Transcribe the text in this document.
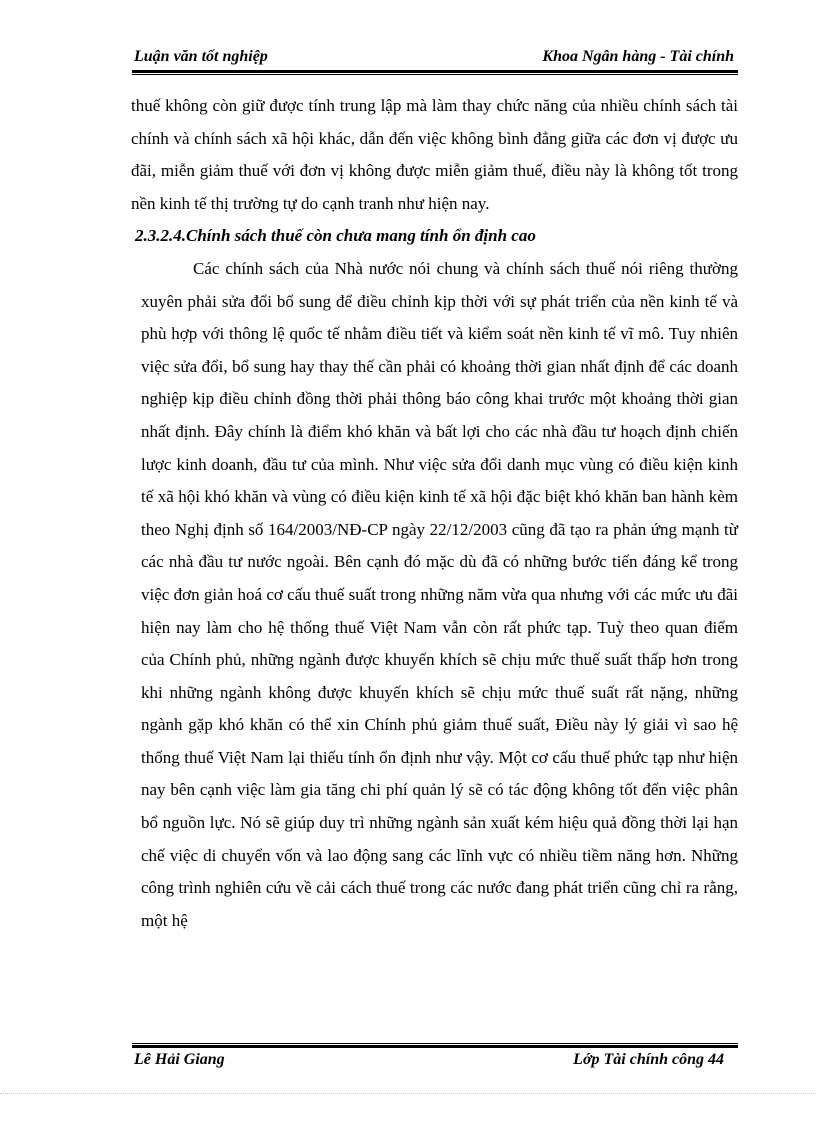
Luận văn tốt nghiệp	Khoa Ngân hàng - Tài chính

thuế không còn giữ được tính trung lập mà làm thay chức năng của nhiều chính sách tài chính và chính sách xã hội khác, dẫn đến việc không bình đẳng giữa các đơn vị được ưu đãi, miễn giảm thuế với đơn vị không được miễn giảm thuế, điều này là không tốt trong nền kinh tế thị trường tự do cạnh tranh như hiện nay.

2.3.2.4.Chính sách thuế còn chưa mang tính ổn định cao

Các chính sách của Nhà nước nói chung và chính sách thuế nói riêng thường xuyên phải sửa đổi bổ sung để điều chỉnh kịp thời với sự phát triển của nền kinh tế và phù hợp với thông lệ quốc tế nhằm điều tiết và kiểm soát nền kinh tế vĩ mô. Tuy nhiên việc sửa đổi, bổ sung hay thay thế cần phải có khoảng thời gian nhất định để các doanh nghiệp kịp điều chỉnh đồng thời phải thông báo công khai trước một khoảng thời gian nhất định. Đây chính là điểm khó khăn và bất lợi cho các nhà đầu tư hoạch định chiến lược kinh doanh, đầu tư của mình. Như việc sửa đổi danh mục vùng có điều kiện kinh tế xã hội khó khăn và vùng có điều kiện kinh tế xã hội đặc biệt khó khăn ban hành kèm theo Nghị định số 164/2003/NĐ-CP ngày 22/12/2003 cũng đã tạo ra phản ứng mạnh từ các nhà đầu tư nước ngoài. Bên cạnh đó mặc dù đã có những bước tiến đáng kể trong việc đơn giản hoá cơ cấu thuế suất trong những năm vừa qua nhưng với các mức ưu đãi hiện nay làm cho hệ thống thuế Việt Nam vẫn còn rất phức tạp. Tuỳ theo quan điểm của Chính phủ, những ngành được khuyến khích sẽ chịu mức thuế suất thấp hơn trong khi những ngành không được khuyến khích sẽ chịu mức thuế suất rất nặng, những ngành gặp khó khăn có thể xin Chính phủ giảm thuế suất, Điều này lý giải vì sao hệ thống thuế Việt Nam lại thiếu tính ổn định như vậy. Một cơ cấu thuế phức tạp như hiện nay bên cạnh việc làm gia tăng chi phí quản lý sẽ có tác động không tốt đến việc phân bổ nguồn lực. Nó sẽ giúp duy trì những ngành sản xuất kém hiệu quả đồng thời lại hạn chế việc di chuyển vốn và lao động sang các lĩnh vực có nhiều tiềm năng hơn. Những công trình nghiên cứu về cải cách thuế trong các nước đang phát triển cũng chỉ ra rằng, một hệ

Lê Hải Giang	Lớp Tài chính công 44
